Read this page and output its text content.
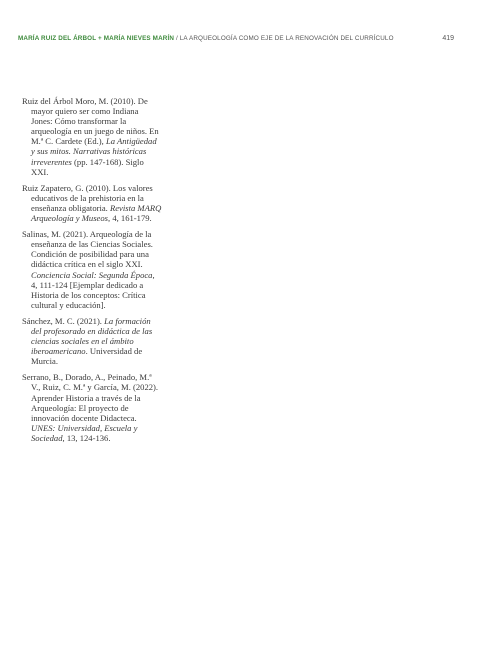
MARÍA RUIZ DEL ÁRBOL + MARÍA NIEVES MARÍN / LA ARQUEOLOGÍA COMO EJE DE LA RENOVACIÓN DEL CURRÍCULO	419

Ruiz del Árbol Moro, M. (2010). De mayor quiero ser como Indiana Jones: Cómo transformar la arqueología en un juego de niños. En M.ª C. Cardete (Ed.), La Antigüedad y sus mitos. Narrativas históricas irreverentes (pp. 147-168). Siglo XXI.

Ruiz Zapatero, G. (2010). Los valores educativos de la prehistoria en la enseñanza obligatoria. Revista MARQ Arqueología y Museos, 4, 161-179.

Salinas, M. (2021). Arqueología de la enseñanza de las Ciencias Sociales. Condición de posibilidad para una didáctica crítica en el siglo XXI. Conciencia Social: Segunda Época, 4, 111-124 [Ejemplar dedicado a Historia de los conceptos: Crítica cultural y educación].

Sánchez, M. C. (2021). La formación del profesorado en didáctica de las ciencias sociales en el ámbito iberoamericano. Universidad de Murcia.

Serrano, B., Dorado, A., Peinado, M.ª V., Ruiz, C. M.ª y García, M. (2022). Aprender Historia a través de la Arqueología: El proyecto de innovación docente Didacteca. UNES: Universidad, Escuela y Sociedad, 13, 124-136.
